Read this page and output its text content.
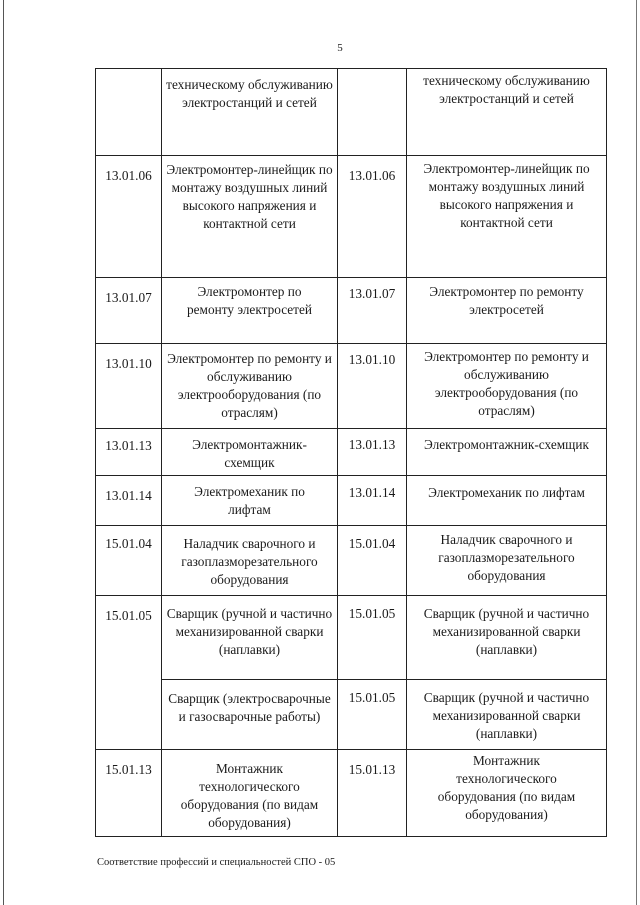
5
	техническому обслуживанию электростанций и сетей		техническому обслуживанию электростанций и сетей
13.01.06	Электромонтер-линейщик по монтажу воздушных линий высокого напряжения и контактной сети	13.01.06	Электромонтер-линейщик по монтажу воздушных линий высокого напряжения и контактной сети
13.01.07	Электромонтер по ремонту электросетей	13.01.07	Электромонтер по ремонту электросетей
13.01.10	Электромонтер по ремонту и обслуживанию электрооборудования (по отраслям)	13.01.10	Электромонтер по ремонту и обслуживанию электрооборудования (по отраслям)
13.01.13	Электромонтажник-схемщик	13.01.13	Электромонтажник-схемщик
13.01.14	Электромеханик по лифтам	13.01.14	Электромеханик по лифтам
15.01.04	Наладчик сварочного и газоплазморезательного оборудования	15.01.04	Наладчик сварочного и газоплазморезательного оборудования
15.01.05	Сварщик (ручной и частично механизированной сварки (наплавки)	15.01.05	Сварщик (ручной и частично механизированной сварки (наплавки)
	Сварщик (электросварочные и газосварочные работы)	15.01.05	Сварщик (ручной и частично механизированной сварки (наплавки)
15.01.13	Монтажник технологического оборудования (по видам оборудования)	15.01.13	Монтажник технологического оборудования (по видам оборудования)
Соответствие профессий и специальностей СПО - 05
